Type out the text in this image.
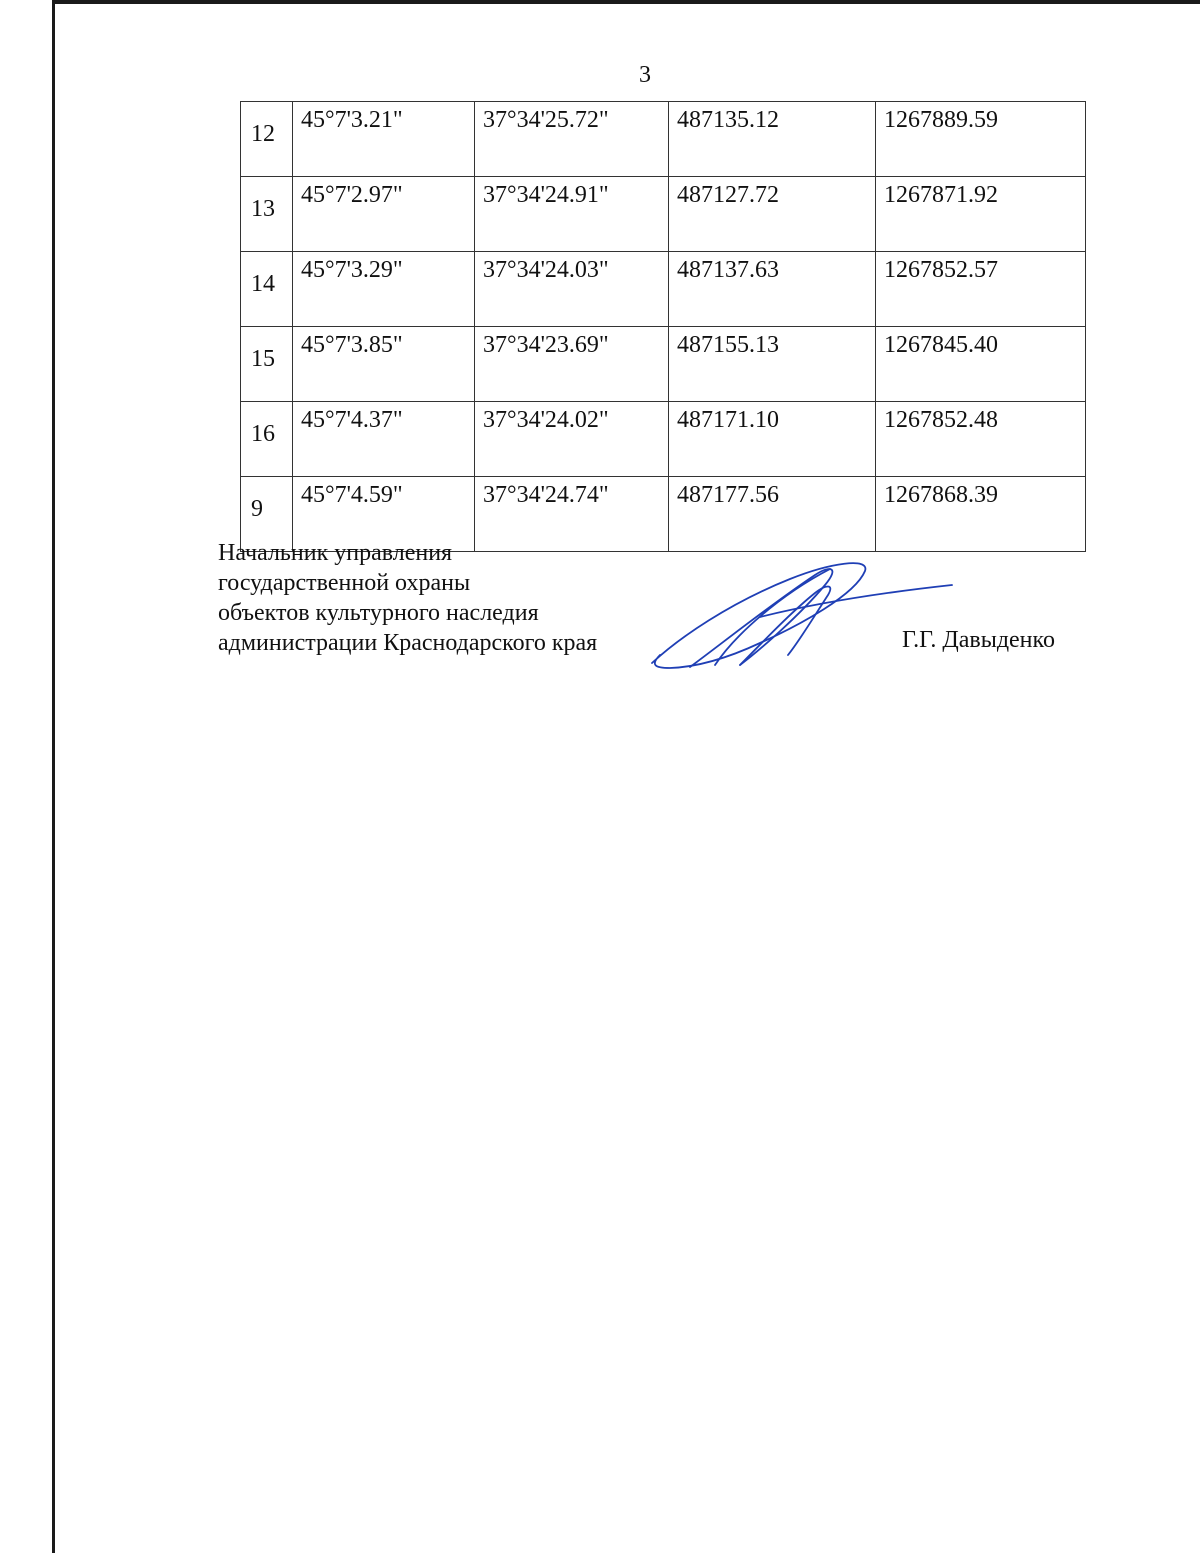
3
12	45°7'3.21"	37°34'25.72"	487135.12	1267889.59
13	45°7'2.97"	37°34'24.91"	487127.72	1267871.92
14	45°7'3.29"	37°34'24.03"	487137.63	1267852.57
15	45°7'3.85"	37°34'23.69"	487155.13	1267845.40
16	45°7'4.37"	37°34'24.02"	487171.10	1267852.48
9	45°7'4.59"	37°34'24.74"	487177.56	1267868.39
Начальник управления
государственной охраны
объектов культурного наследия
администрации Краснодарского края	Г.Г. Давыденко
